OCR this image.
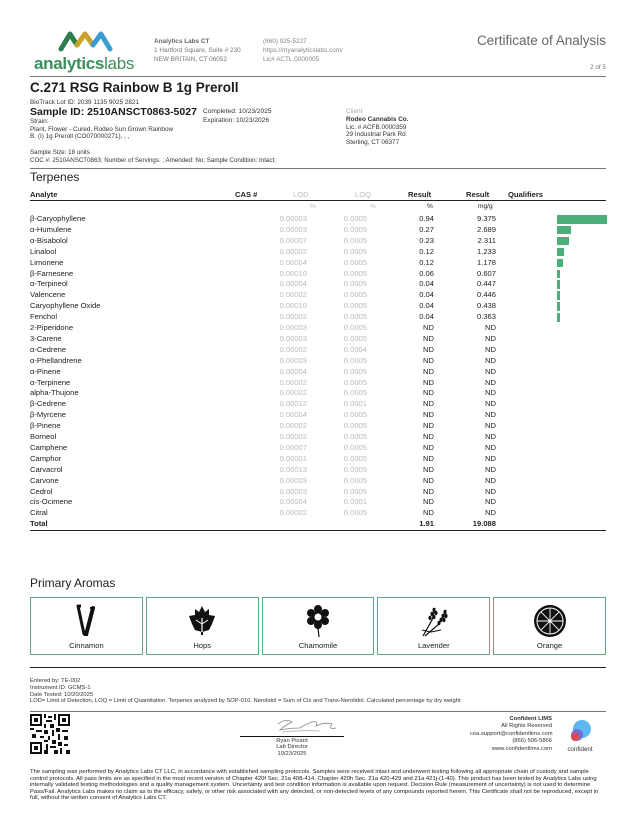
analyticslabs
Analytics Labs CT
1 Hartford Square, Suite # 230
NEW BRITAIN, CT 06052
(860) 925-5227
https://myanalyticslabs.com/
Lic# ACTL.0000005
Certificate of Analysis
2 of 5
C.271 RSG Rainbow B 1g Preroll
BioTrack Lot ID: 2039 1135 9025 2821
Sample ID: 2510ANSCT0863-5027 Completed: 10/23/2025
Expiration: 10/23/2026
Strain:
Plant, Flower - Cured, Rodeo Sun Grown Rainbow
B. (I) 1g Preroll (CO070000271), , ,
Client
Rodeo Cannabis Co.
Lic. # ACFB.0000359
29 Industrial Park Rd
Sterling, CT 06377
Sample Size: 18 units
COC #: 2510ANSCT0863; Number of Servings: ; Amended: No; Sample Condition: Intact;
Terpenes
Analyte	CAS #	LOD	LOQ	Result	Result Qualifiers
%	%	%	mg/g
β-Caryophyllene	0.00003	0.0005	0.94	9.375
α-Humulene	0.00003	0.0005	0.27	2.689
α-Bisabolol	0.00007	0.0005	0.23	2.311
Linalool	0.00002	0.0005	0.12	1.233
Limonene	0.00004	0.0005	0.12	1.178
β-Farnesene	0.00010	0.0005	0.06	0.607
α-Terpineol	0.00004	0.0005	0.04	0.447
Valencene	0.00002	0.0005	0.04	0.446
Caryophyllene Oxide	0.00010	0.0005	0.04	0.438
Fenchol	0.00002	0.0005	0.04	0.363
2-Piperidone	0.00003	0.0005	ND	ND
3-Carene	0.00003	0.0005	ND	ND
α-Cedrene	0.00002	0.0004	ND	ND
α-Phellandrene	0.00003	0.0005	ND	ND
α-Pinene	0.00004	0.0005	ND	ND
α-Terpinene	0.00002	0.0005	ND	ND
alpha-Thujone	0.00002	0.0005	ND	ND
β-Cedrene	0.00012	0.0001	ND	ND
β-Myrcene	0.00004	0.0005	ND	ND
β-Pinene	0.00002	0.0005	ND	ND
Borneol	0.00002	0.0005	ND	ND
Camphene	0.00007	0.0005	ND	ND
Camphor	0.00001	0.0005	ND	ND
Carvacrol	0.00013	0.0005	ND	ND
Carvone	0.00003	0.0005	ND	ND
Cedrol	0.00003	0.0005	ND	ND
cis-Ocimene	0.00004	0.0001	ND	ND
Citral	0.00002	0.0005	ND	ND
Total	1.91	19.088
Primary Aromas
Cinnamon	Hops	Chamomile	Lavender	Orange
Entered by: TE-002
Instrument ID: GCMS-1
Date Tested: 10/20/2025
LOD= Limit of Detection, LOQ = Limit of Quantitation. Terpenes analyzed by SOP-010. Nerolidol = Sum of Cis and Trans-Nerolidol. Calculated percentage by dry weight
Ryan Picard
Lab Director
10/23/2025
Confident LIMS
All Rights Reserved
coa.support@confidentlims.com
(866) 506-5866
www.confidentlims.com	confident
The sampling was performed by Analytics Labs CT LLC, in accordance with established sampling protocols. Samples were received intact and underwent testing following all appropriate chain of custody and sample control protocols. All pass limits are as specified in the most recent version of Chapter 420f Sec. 21a 408-414, Chapter 420h Sec. 21a 420-429 and 21a 421j-(1-40). This product has been tested by Analytics Labs using internally validated testing methodologies and a quality management system. Uncertainty and test condition information is available upon request. Decision Rule (measurement of uncertainty) is not used to determine Pass/Fail. Analytics Labs makes no claim as to the efficacy, safety, or other risk associated with any detected, or non-detected levels of any compounds reported herein. This Certificate shall not be reproduced, except in full, without the written consent of Analytics Labs CT.
